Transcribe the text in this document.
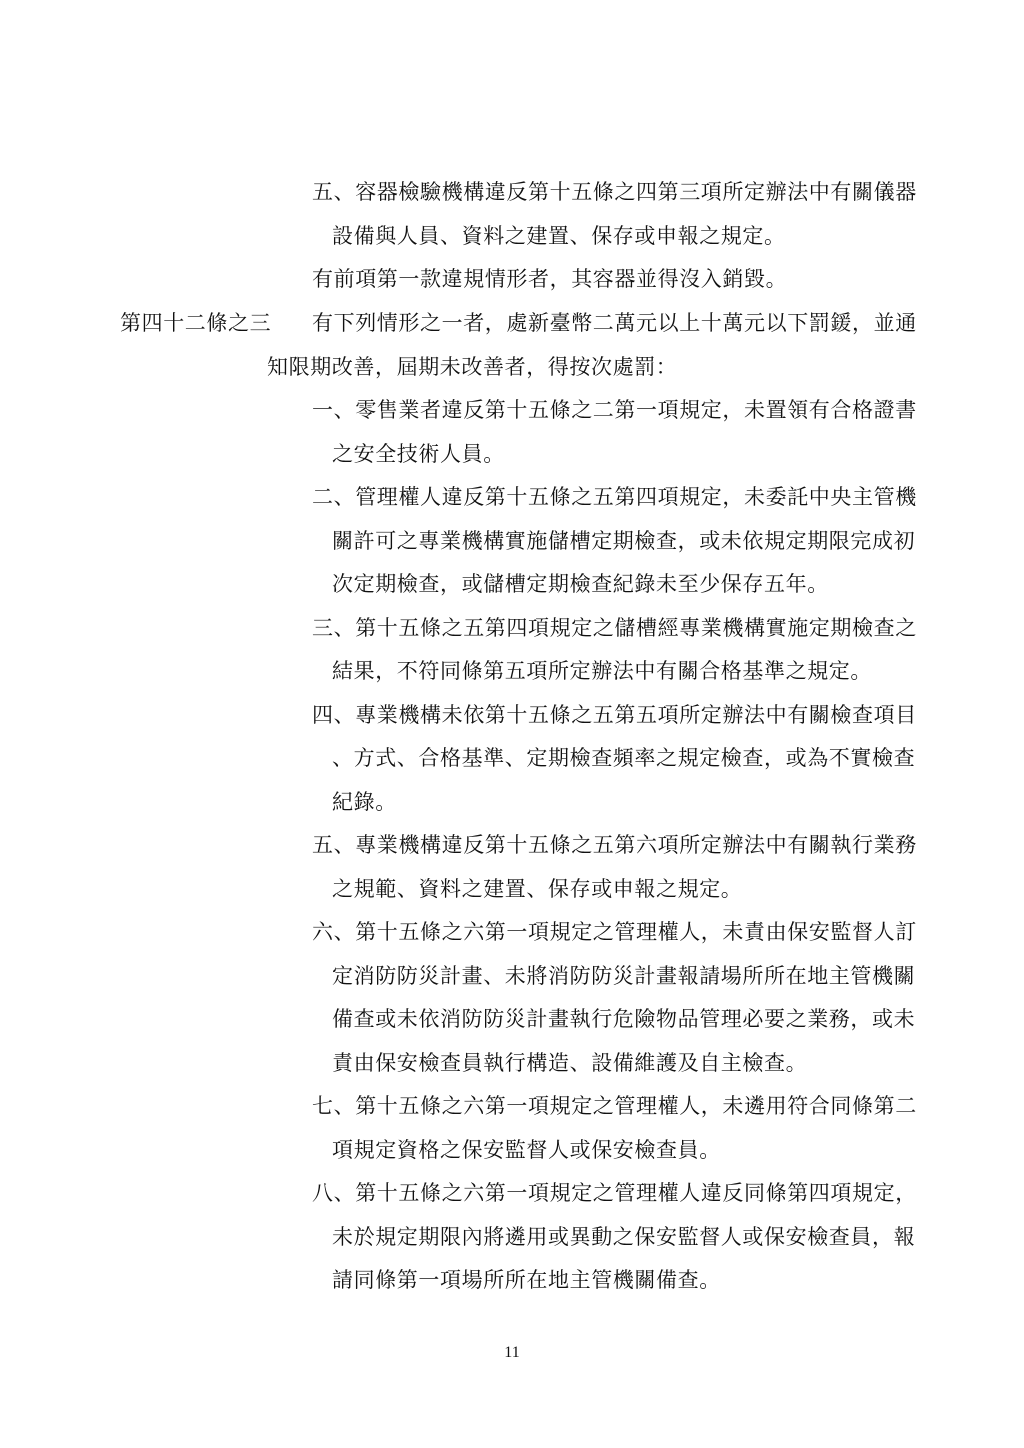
五、容器檢驗機構違反第十五條之四第三項所定辦法中有關儀器
設備與人員、資料之建置、保存或申報之規定。
有前項第一款違規情形者，其容器並得沒入銷毀。
第四十二條之三 有下列情形之一者，處新臺幣二萬元以上十萬元以下罰鍰，並通
知限期改善，屆期未改善者，得按次處罰：
一、零售業者違反第十五條之二第一項規定，未置領有合格證書
之安全技術人員。
二、管理權人違反第十五條之五第四項規定，未委託中央主管機
關許可之專業機構實施儲槽定期檢查，或未依規定期限完成初
次定期檢查，或儲槽定期檢查紀錄未至少保存五年。
三、第十五條之五第四項規定之儲槽經專業機構實施定期檢查之
結果，不符同條第五項所定辦法中有關合格基準之規定。
四、專業機構未依第十五條之五第五項所定辦法中有關檢查項目
、方式、合格基準、定期檢查頻率之規定檢查，或為不實檢查
紀錄。
五、專業機構違反第十五條之五第六項所定辦法中有關執行業務
之規範、資料之建置、保存或申報之規定。
六、第十五條之六第一項規定之管理權人，未責由保安監督人訂
定消防防災計畫、未將消防防災計畫報請場所所在地主管機關
備查或未依消防防災計畫執行危險物品管理必要之業務，或未
責由保安檢查員執行構造、設備維護及自主檢查。
七、第十五條之六第一項規定之管理權人，未遴用符合同條第二
項規定資格之保安監督人或保安檢查員。
八、第十五條之六第一項規定之管理權人違反同條第四項規定，
未於規定期限內將遴用或異動之保安監督人或保安檢查員，報
請同條第一項場所所在地主管機關備查。
11
